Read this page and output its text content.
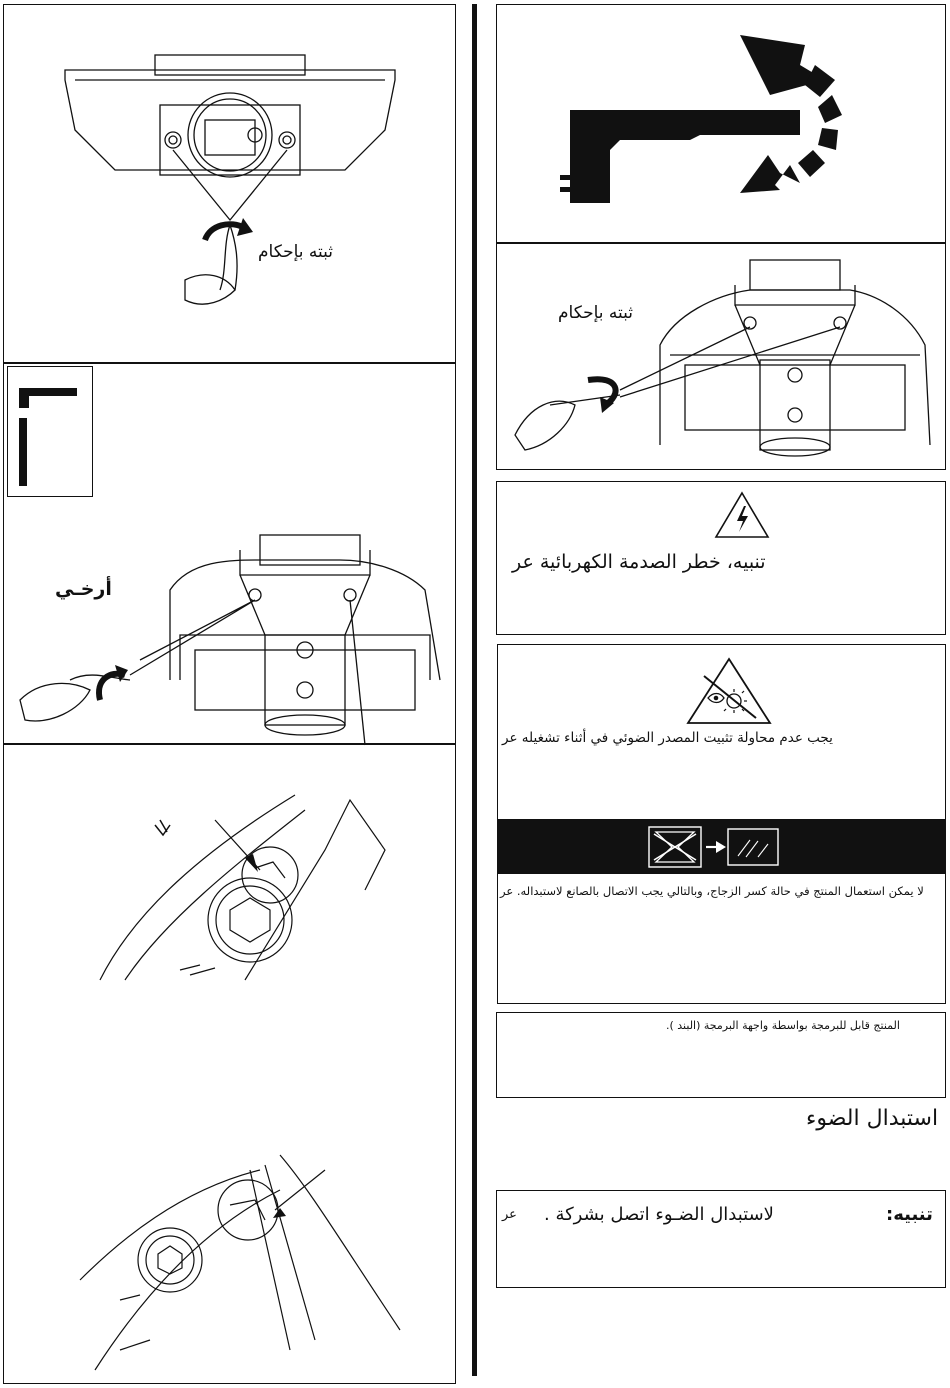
ثبته بإحكام
أرخـي
ثبته بإحكام
تنبيه، خطر الصدمة الكهربائية عر
يجب عدم محاولة تثبيت المصدر الضوئي في أثناء تشغيله عر
لا يمكن استعمال المنتج في حالة كسر الزجاج، وبالتالي يجب الاتصال بالصانع لاستبداله. عر
المنتج قابل للبرمجة بواسطة واجهة البرمجة (البند ).
استبدال الضوء
تنبيه:
لاستبدال الضـوء اتصل بشركة .
عر
